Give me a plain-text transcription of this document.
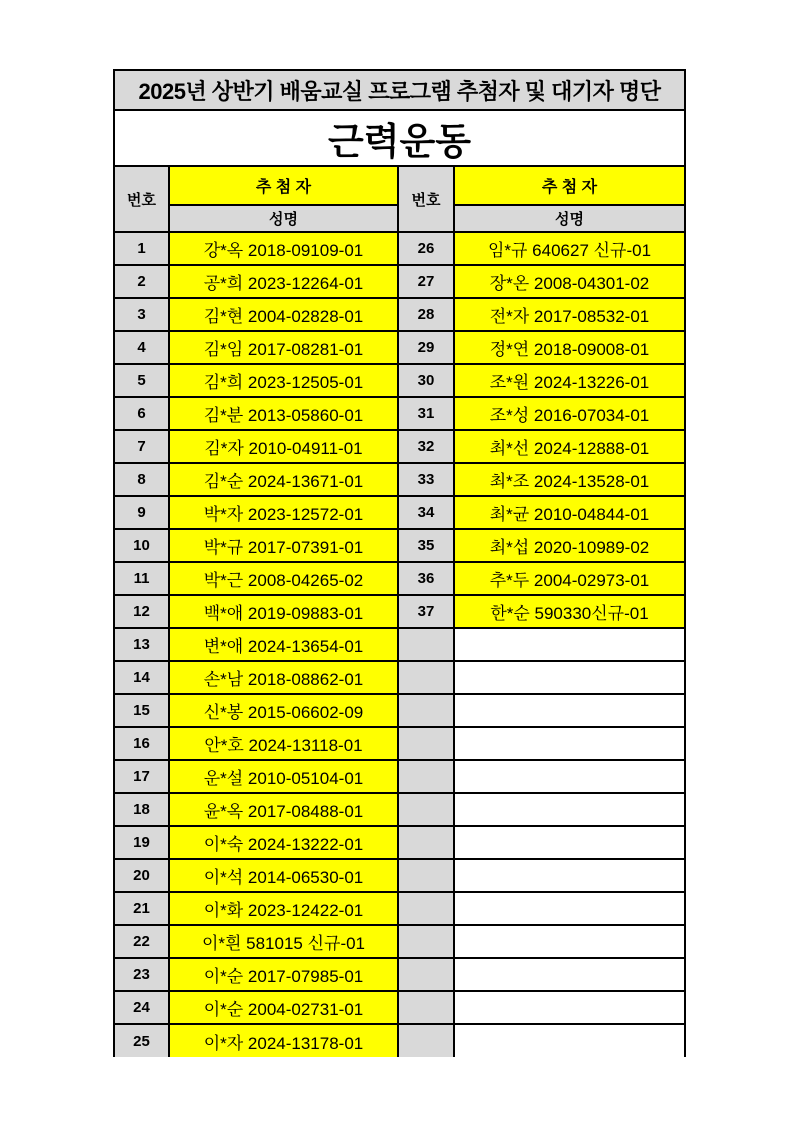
2025년 상반기 배움교실 프로그램 추첨자 및 대기자 명단			
근력운동			
번호	추 첨 자	번호	추 첨 자
	성명		성명
1	강*옥 2018-09109-01	26	임*규 640627 신규-01
2	공*희 2023-12264-01	27	장*온 2008-04301-02
3	김*현 2004-02828-01	28	전*자 2017-08532-01
4	김*임 2017-08281-01	29	정*연 2018-09008-01
5	김*희 2023-12505-01	30	조*원 2024-13226-01
6	김*분 2013-05860-01	31	조*성 2016-07034-01
7	김*자 2010-04911-01	32	최*선 2024-12888-01
8	김*순 2024-13671-01	33	최*조 2024-13528-01
9	박*자 2023-12572-01	34	최*균 2010-04844-01
10	박*규 2017-07391-01	35	최*섭 2020-10989-02
11	박*근 2008-04265-02	36	추*두 2004-02973-01
12	백*애 2019-09883-01	37	한*순 590330신규-01
13	변*애 2024-13654-01		
14	손*남 2018-08862-01		
15	신*봉 2015-06602-09		
16	안*호 2024-13118-01		
17	운*설 2010-05104-01		
18	윤*옥 2017-08488-01		
19	이*숙 2024-13222-01		
20	이*석 2014-06530-01		
21	이*화 2023-12422-01		
22	이*흰 581015 신규-01		
23	이*순 2017-07985-01		
24	이*순 2004-02731-01		
25	이*자 2024-13178-01		
